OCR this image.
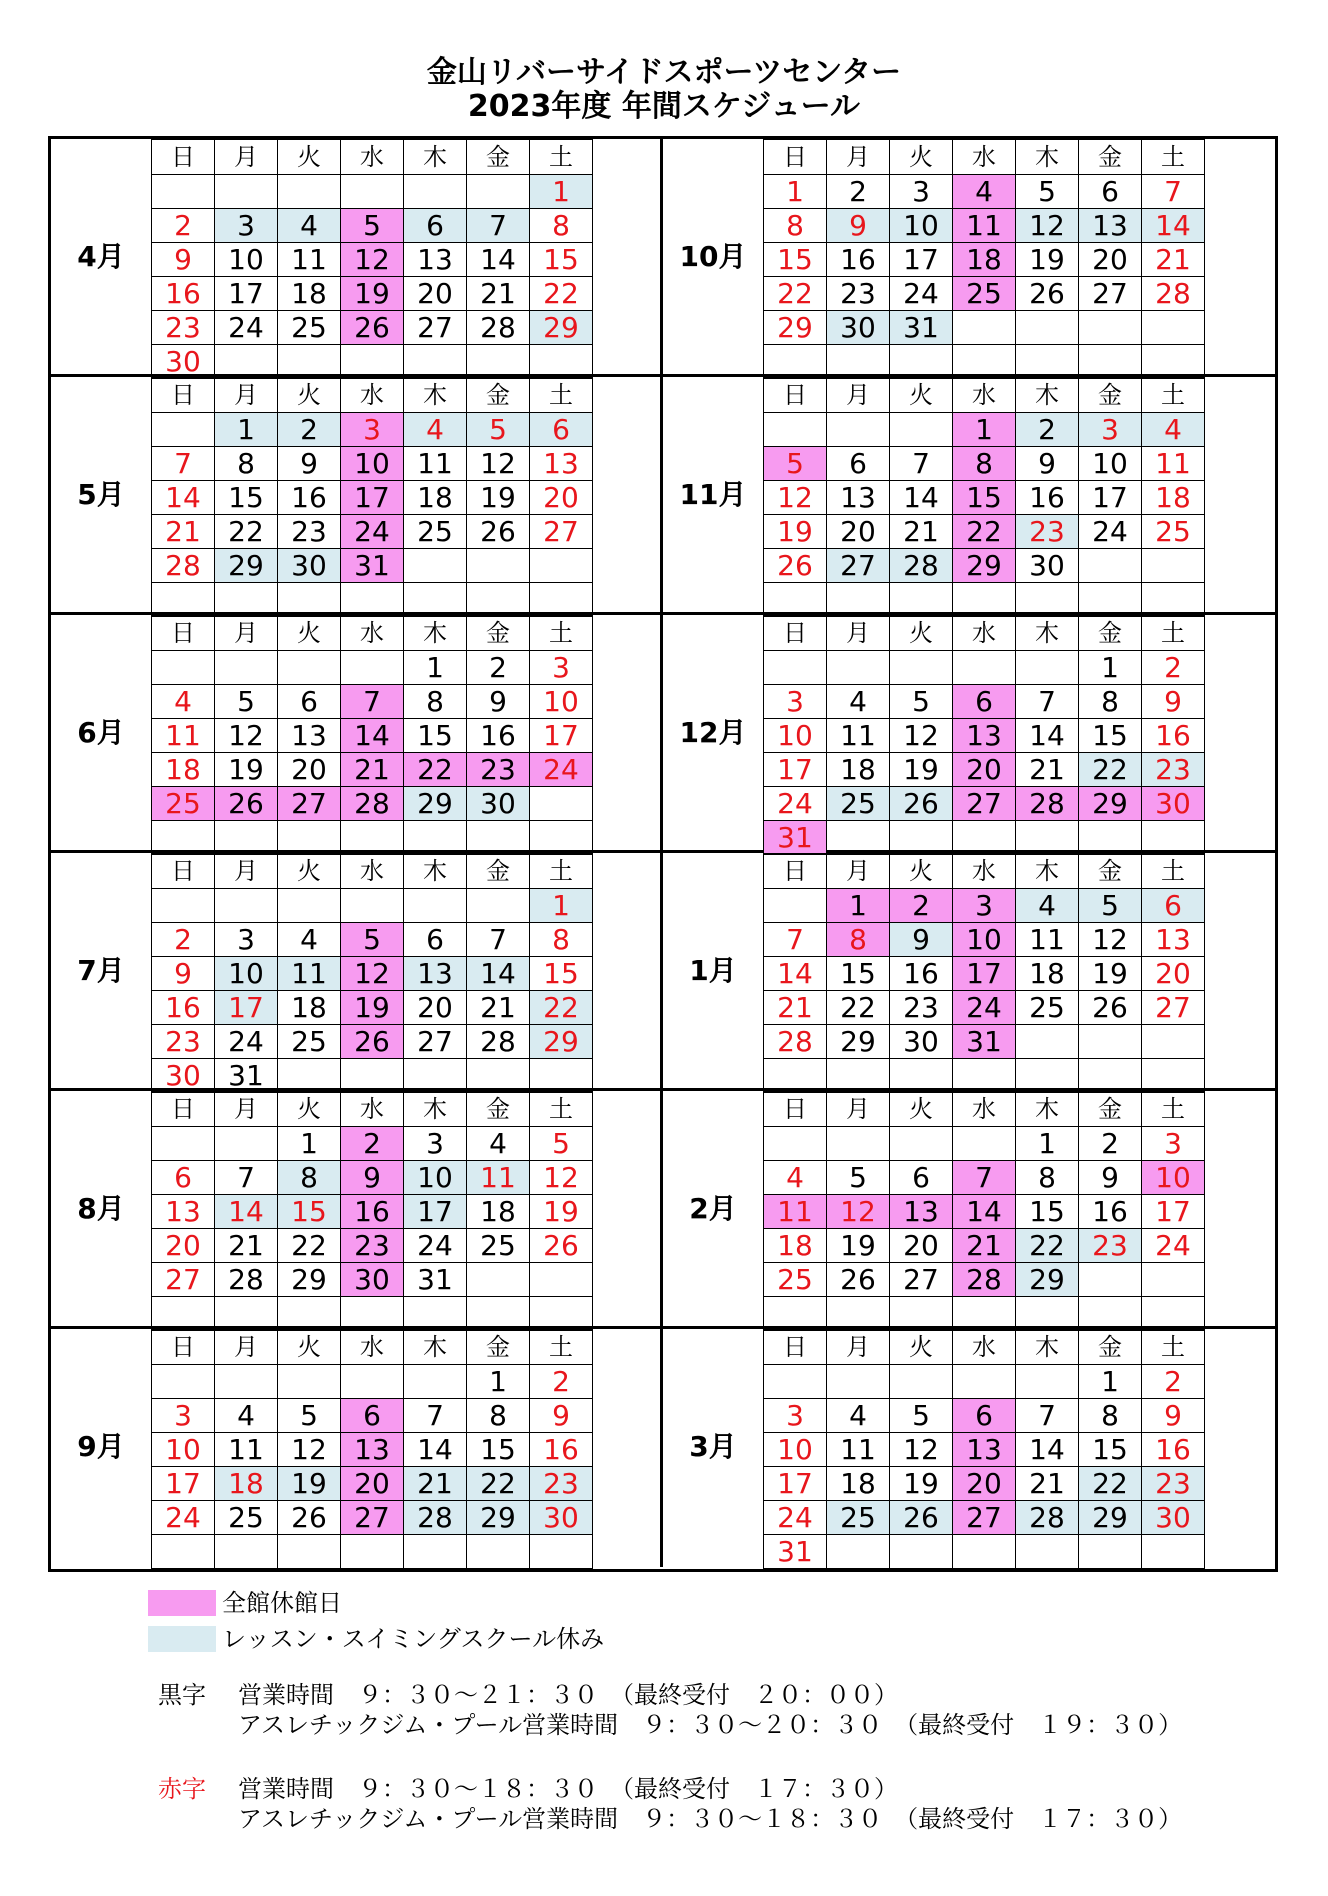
金山リバーサイドスポーツセンター
2023年度 年間スケジュール
4月
日	月	火	水	木	金	土
						1
2	3	4	5	6	7	8
9	10	11	12	13	14	15
16	17	18	19	20	21	22
23	24	25	26	27	28	29
30						
5月
日	月	火	水	木	金	土
	1	2	3	4	5	6
7	8	9	10	11	12	13
14	15	16	17	18	19	20
21	22	23	24	25	26	27
28	29	30	31			

6月
日	月	火	水	木	金	土
				1	2	3
4	5	6	7	8	9	10
11	12	13	14	15	16	17
18	19	20	21	22	23	24
25	26	27	28	29	30	

7月
日	月	火	水	木	金	土
						1
2	3	4	5	6	7	8
9	10	11	12	13	14	15
16	17	18	19	20	21	22
23	24	25	26	27	28	29
30	31					
8月
日	月	火	水	木	金	土
		1	2	3	4	5
6	7	8	9	10	11	12
13	14	15	16	17	18	19
20	21	22	23	24	25	26
27	28	29	30	31		

9月
日	月	火	水	木	金	土
					1	2
3	4	5	6	7	8	9
10	11	12	13	14	15	16
17	18	19	20	21	22	23
24	25	26	27	28	29	30

10月
日	月	火	水	木	金	土
1	2	3	4	5	6	7
8	9	10	11	12	13	14
15	16	17	18	19	20	21
22	23	24	25	26	27	28
29	30	31				

11月
日	月	火	水	木	金	土
			1	2	3	4
5	6	7	8	9	10	11
12	13	14	15	16	17	18
19	20	21	22	23	24	25
26	27	28	29	30		

12月
日	月	火	水	木	金	土
					1	2
3	4	5	6	7	8	9
10	11	12	13	14	15	16
17	18	19	20	21	22	23
24	25	26	27	28	29	30
31						
1月
日	月	火	水	木	金	土
	1	2	3	4	5	6
7	8	9	10	11	12	13
14	15	16	17	18	19	20
21	22	23	24	25	26	27
28	29	30	31			

2月
日	月	火	水	木	金	土
				1	2	3
4	5	6	7	8	9	10
11	12	13	14	15	16	17
18	19	20	21	22	23	24
25	26	27	28	29		

3月
日	月	火	水	木	金	土
					1	2
3	4	5	6	7	8	9
10	11	12	13	14	15	16
17	18	19	20	21	22	23
24	25	26	27	28	29	30
31						
全館休館日
レッスン・スイミングスクール休み
黒字 営業時間　９：３０～２１：３０　（最終受付　２０：００）
アスレチックジム・プール営業時間　９：３０～２０：３０　（最終受付　１９：３０）
赤字 営業時間　９：３０～１８：３０　（最終受付　１７：３０）
アスレチックジム・プール営業時間　９：３０～１８：３０　（最終受付　１７：３０）
